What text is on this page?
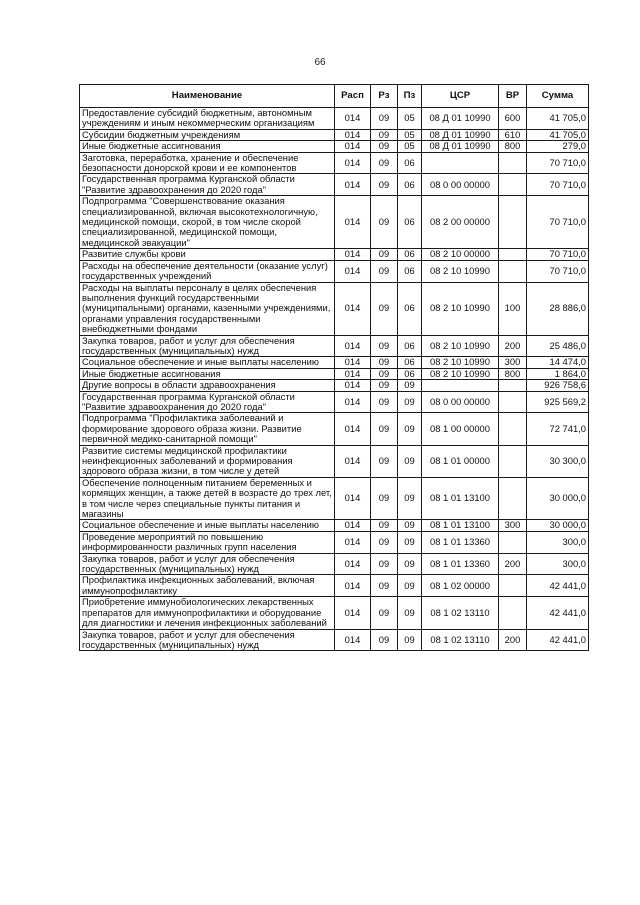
66
Наименование	Расп	Рз	Пз	ЦСР	ВР	Сумма
Предоставление субсидий бюджетным, автономным учреждениям и иным некоммерческим организациям	014	09	05	08 Д 01 10990	600	41 705,0
Субсидии бюджетным учреждениям	014	09	05	08 Д 01 10990	610	41 705,0
Иные бюджетные ассигнования	014	09	05	08 Д 01 10990	800	279,0
Заготовка, переработка, хранение и обеспечение безопасности донорской крови и ее компонентов	014	09	06			70 710,0
Государственная программа Курганской области "Развитие здравоохранения до 2020 года"	014	09	06	08 0 00 00000		70 710,0
Подпрограмма "Совершенствование оказания специализированной, включая высокотехнологичную, медицинской помощи, скорой, в том числе скорой специализированной, медицинской помощи, медицинской эвакуации"	014	09	06	08 2 00 00000		70 710,0
Развитие службы крови	014	09	06	08 2 10 00000		70 710,0
Расходы на обеспечение деятельности (оказание услуг) государственных учреждений	014	09	06	08 2 10 10990		70 710,0
Расходы на выплаты персоналу в целях обеспечения выполнения функций государственными (муниципальными) органами, казенными учреждениями, органами управления государственными внебюджетными фондами	014	09	06	08 2 10 10990	100	28 886,0
Закупка товаров, работ и услуг для обеспечения государственных (муниципальных) нужд	014	09	06	08 2 10 10990	200	25 486,0
Социальное обеспечение и иные выплаты населению	014	09	06	08 2 10 10990	300	14 474,0
Иные бюджетные ассигнования	014	09	06	08 2 10 10990	800	1 864,0
Другие вопросы в области здравоохранения	014	09	09			926 758,6
Государственная программа Курганской области "Развитие здравоохранения до 2020 года"	014	09	09	08 0 00 00000		925 569,2
Подпрограмма "Профилактика заболеваний и формирование здорового образа жизни. Развитие первичной медико-санитарной помощи"	014	09	09	08 1 00 00000		72 741,0
Развитие системы медицинской профилактики неинфекционных заболеваний и формирования здорового образа жизни, в том числе у детей	014	09	09	08 1 01 00000		30 300,0
Обеспечение полноценным питанием беременных и кормящих женщин, а также детей в возрасте до трех лет, в том числе через специальные пункты питания и магазины	014	09	09	08 1 01 13100		30 000,0
Социальное обеспечение и иные выплаты населению	014	09	09	08 1 01 13100	300	30 000,0
Проведение мероприятий по повышению информированности различных групп населения	014	09	09	08 1 01 13360		300,0
Закупка товаров, работ и услуг для обеспечения государственных (муниципальных) нужд	014	09	09	08 1 01 13360	200	300,0
Профилактика инфекционных заболеваний, включая иммунопрофилактику	014	09	09	08 1 02 00000		42 441,0
Приобретение иммунобиологических лекарственных препаратов для иммунопрофилактики и оборудование для диагностики и лечения инфекционных заболеваний	014	09	09	08 1 02 13110		42 441,0
Закупка товаров, работ и услуг для обеспечения государственных (муниципальных) нужд	014	09	09	08 1 02 13110	200	42 441,0
